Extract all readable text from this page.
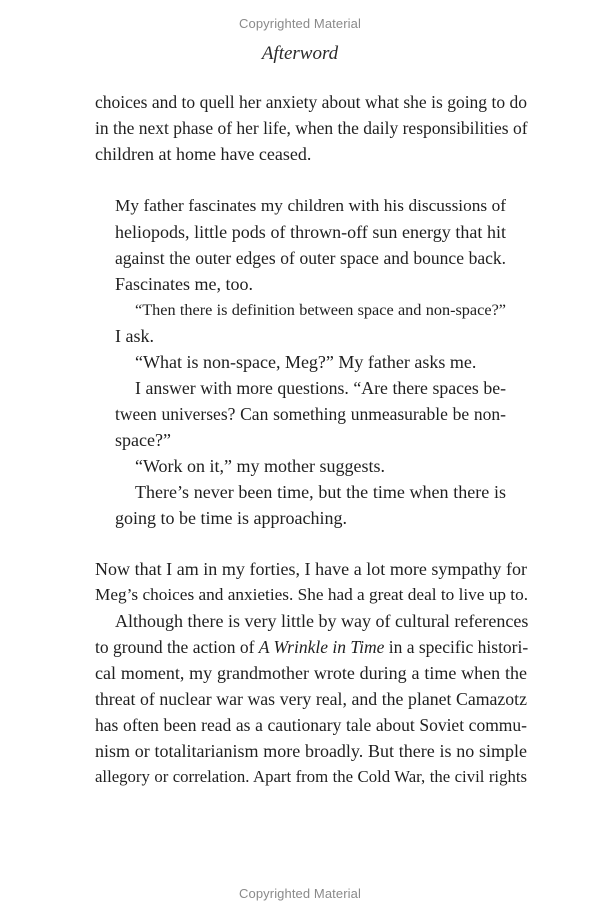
Copyrighted Material
Afterword
choices and to quell her anxiety about what she is going to do
in the next phase of her life, when the daily responsibilities of
children at home have ceased.
My father fascinates my children with his discussions of
heliopods, little pods of thrown-off sun energy that hit
against the outer edges of outer space and bounce back.
Fascinates me, too.
“Then there is definition between space and non-space?”
I ask.
“What is non-space, Meg?” My father asks me.
I answer with more questions. “Are there spaces be-
tween universes? Can something unmeasurable be non-
space?”
“Work on it,” my mother suggests.
There’s never been time, but the time when there is
going to be time is approaching.
Now that I am in my forties, I have a lot more sympathy for
Meg’s choices and anxieties. She had a great deal to live up to.
Although there is very little by way of cultural references
to ground the action of A Wrinkle in Time in a specific histori-
cal moment, my grandmother wrote during a time when the
threat of nuclear war was very real, and the planet Camazotz
has often been read as a cautionary tale about Soviet commu-
nism or totalitarianism more broadly. But there is no simple
allegory or correlation. Apart from the Cold War, the civil rights
Copyrighted Material
